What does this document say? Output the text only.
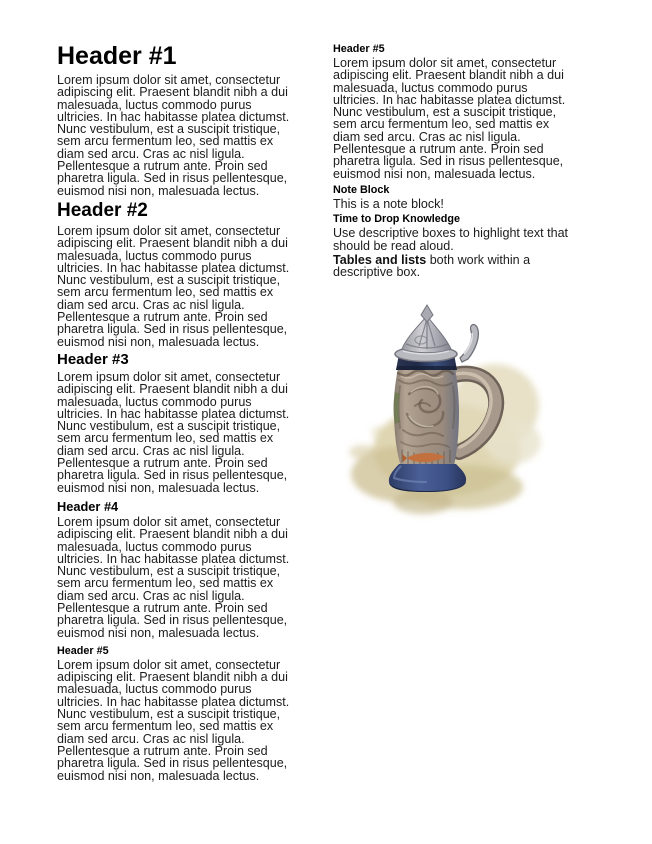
Header #1

Lorem ipsum dolor sit amet, consectetur
adipiscing elit. Praesent blandit nibh a dui
malesuada, luctus commodo purus
ultricies. In hac habitasse platea dictumst.
Nunc vestibulum, est a suscipit tristique,
sem arcu fermentum leo, sed mattis ex
diam sed arcu. Cras ac nisl ligula.
Pellentesque a rutrum ante. Proin sed
pharetra ligula. Sed in risus pellentesque,
euismod nisi non, malesuada lectus.

Header #2

Lorem ipsum dolor sit amet, consectetur
adipiscing elit. Praesent blandit nibh a dui
malesuada, luctus commodo purus
ultricies. In hac habitasse platea dictumst.
Nunc vestibulum, est a suscipit tristique,
sem arcu fermentum leo, sed mattis ex
diam sed arcu. Cras ac nisl ligula.
Pellentesque a rutrum ante. Proin sed
pharetra ligula. Sed in risus pellentesque,
euismod nisi non, malesuada lectus.

Header #3

Lorem ipsum dolor sit amet, consectetur
adipiscing elit. Praesent blandit nibh a dui
malesuada, luctus commodo purus
ultricies. In hac habitasse platea dictumst.
Nunc vestibulum, est a suscipit tristique,
sem arcu fermentum leo, sed mattis ex
diam sed arcu. Cras ac nisl ligula.
Pellentesque a rutrum ante. Proin sed
pharetra ligula. Sed in risus pellentesque,
euismod nisi non, malesuada lectus.

Header #4

Lorem ipsum dolor sit amet, consectetur
adipiscing elit. Praesent blandit nibh a dui
malesuada, luctus commodo purus
ultricies. In hac habitasse platea dictumst.
Nunc vestibulum, est a suscipit tristique,
sem arcu fermentum leo, sed mattis ex
diam sed arcu. Cras ac nisl ligula.
Pellentesque a rutrum ante. Proin sed
pharetra ligula. Sed in risus pellentesque,
euismod nisi non, malesuada lectus.

Header #5

Lorem ipsum dolor sit amet, consectetur
adipiscing elit. Praesent blandit nibh a dui
malesuada, luctus commodo purus
ultricies. In hac habitasse platea dictumst.
Nunc vestibulum, est a suscipit tristique,
sem arcu fermentum leo, sed mattis ex
diam sed arcu. Cras ac nisl ligula.
Pellentesque a rutrum ante. Proin sed
pharetra ligula. Sed in risus pellentesque,
euismod nisi non, malesuada lectus.

Header #5

Lorem ipsum dolor sit amet, consectetur
adipiscing elit. Praesent blandit nibh a dui
malesuada, luctus commodo purus
ultricies. In hac habitasse platea dictumst.
Nunc vestibulum, est a suscipit tristique,
sem arcu fermentum leo, sed mattis ex
diam sed arcu. Cras ac nisl ligula.
Pellentesque a rutrum ante. Proin sed
pharetra ligula. Sed in risus pellentesque,
euismod nisi non, malesuada lectus.

Note Block

This is a note block!

Time to Drop Knowledge

Use descriptive boxes to highlight text that
should be read aloud.

Tables and lists both work within a
descriptive box.
